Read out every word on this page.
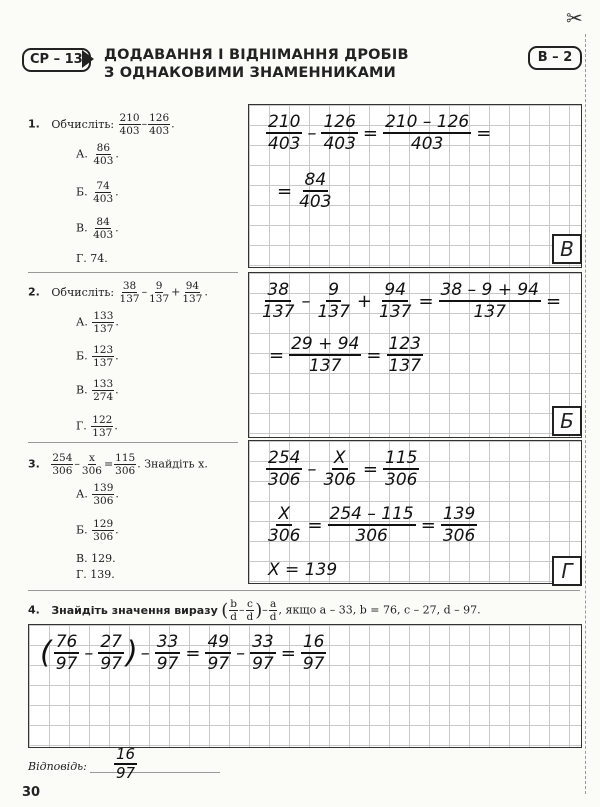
✂
СР – 13	ДОДАВАННЯ І ВІДНІМАННЯ ДРОБІВ
З ОДНАКОВИМИ ЗНАМЕННИКАМИ
В – 2
1. Обчисліть: $\frac{210}{403} - \frac{126}{403}$ .
А. $\frac{86}{403}$ .
Б. $\frac{74}{403}$ .
В. $\frac{84}{403}$ .
Г. 74.
$\frac{210}{403} - \frac{126}{403} = \frac{210 - 126}{403}$ =
= $\frac{84}{403}$
В
2. Обчисліть: $\frac{38}{137} - \frac{9}{137} + \frac{94}{137}$ .
А. $\frac{133}{137}$ .
Б. $\frac{123}{137}$ .
В. $\frac{133}{274}$ .
Г. $\frac{122}{137}$ .
$\frac{38}{137} - \frac{9}{137} + \frac{94}{137} = \frac{38 - 9 + 94}{137}$ =
= $\frac{29 + 94}{137} = \frac{123}{137}$
Б
3. $\frac{254}{306} - \frac{x}{306} = \frac{115}{306}$ . Знайдіть x.
А. $\frac{139}{306}$ .
Б. $\frac{129}{306}$ .
В. 129.
Г. 139.
$\frac{254}{306} - \frac{X}{306} = \frac{115}{306}$
$\frac{X}{306} = \frac{254 - 115}{306} = \frac{139}{306}$
X = 139	Г
4. Знайдіть значення виразу ( $\frac{b}{d} - \frac{c}{d}$ )– $\frac{a}{d}$ , якщо a – 33, b = 76, c – 27, d – 97.
( $\frac{76}{97} - \frac{27}{97}$ ) – $\frac{33}{97} = \frac{49}{97} - \frac{33}{97} = \frac{16}{97}$
Відповідь: $\frac{16}{97}$
30
